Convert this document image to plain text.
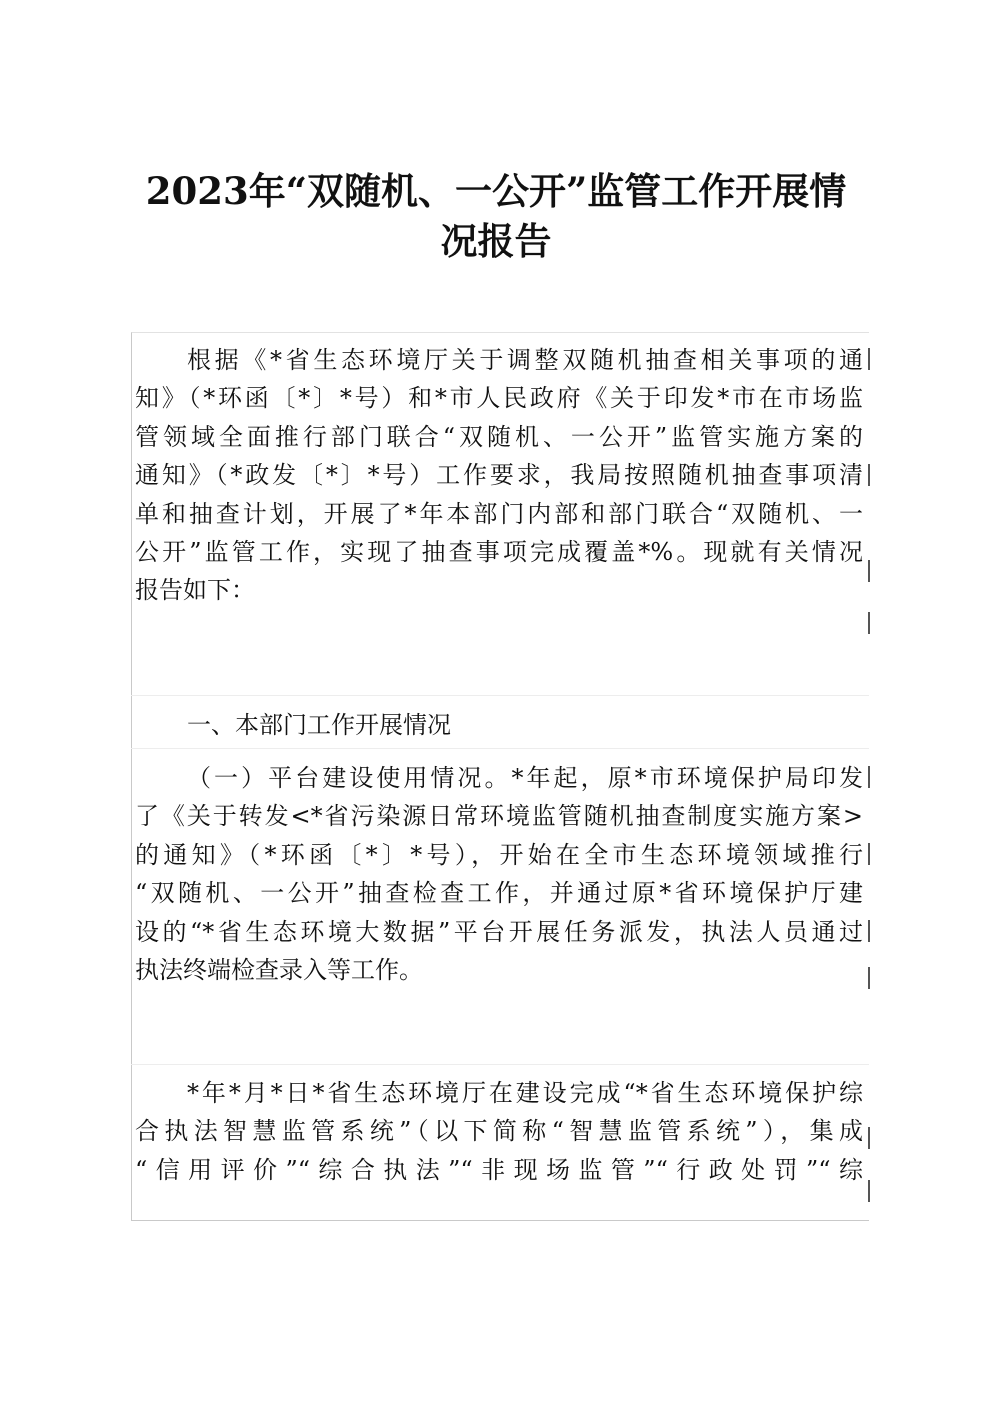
2023年“双随机、一公开”监管工作开展情
况报告
根据《*省生态环境厅关于调整双随机抽查相关事项的通
知》（*环函〔*〕*号）和*市人民政府《关于印发*市在市场监
管领域全面推行部门联合“双随机、一公开”监管实施方案的
通知》（*政发〔*〕*号）工作要求，我局按照随机抽查事项清
单和抽查计划，开展了*年本部门内部和部门联合“双随机、一
公开”监管工作，实现了抽查事项完成覆盖*%。现就有关情况
报告如下：
一、本部门工作开展情况
（一）平台建设使用情况。*年起，原*市环境保护局印发
了《关于转发<*省污染源日常环境监管随机抽查制度实施方案>
的通知》（*环函〔*〕*号），开始在全市生态环境领域推行
“双随机、一公开”抽查检查工作，并通过原*省环境保护厅建
设的“*省生态环境大数据”平台开展任务派发，执法人员通过
执法终端检查录入等工作。
*年*月*日*省生态环境厅在建设完成“*省生态环境保护综
合执法智慧监管系统”（以下简称“智慧监管系统”），集成
“信用评价”“综合执法”“非现场监管”“行政处罚”“综
